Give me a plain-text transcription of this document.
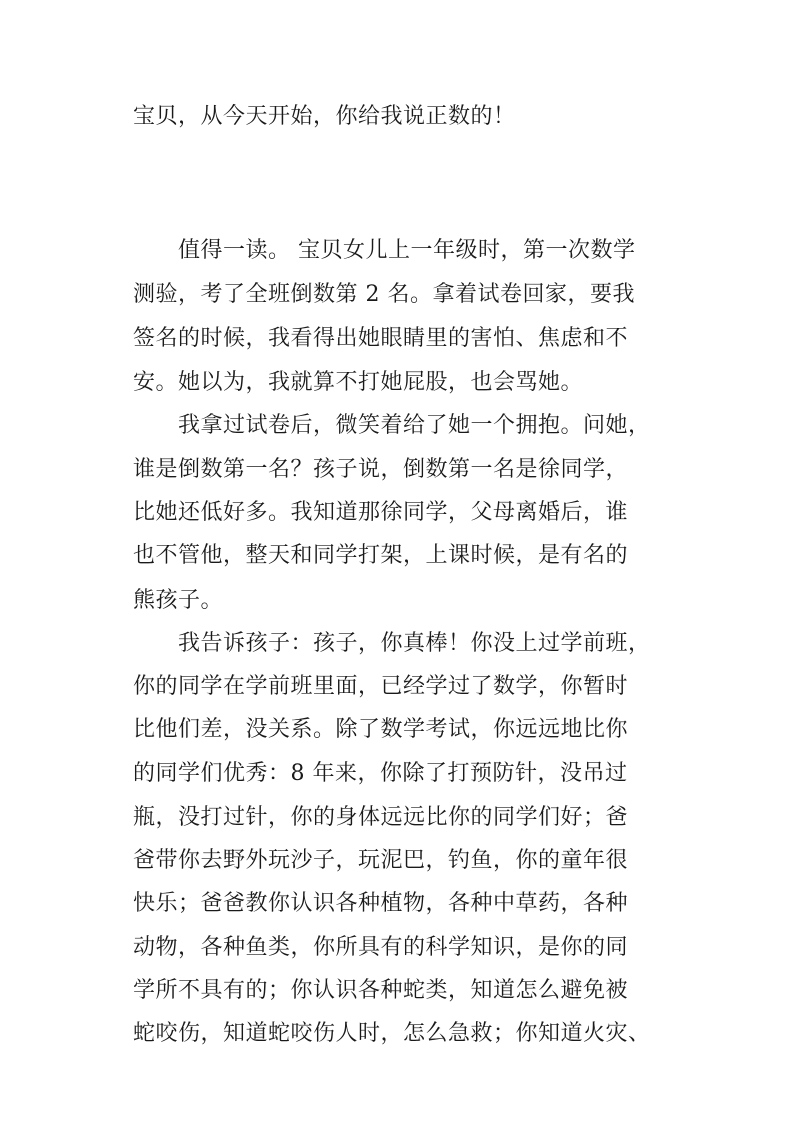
宝贝，从今天开始，你给我说正数的！
值得一读。 宝贝女儿上一年级时，第一次数学
测验，考了全班倒数第 2 名。拿着试卷回家，要我
签名的时候，我看得出她眼睛里的害怕、焦虑和不
安。她以为，我就算不打她屁股，也会骂她。
我拿过试卷后，微笑着给了她一个拥抱。问她，
谁是倒数第一名？孩子说，倒数第一名是徐同学，
比她还低好多。我知道那徐同学，父母离婚后，谁
也不管他，整天和同学打架，上课时候，是有名的
熊孩子。
我告诉孩子：孩子，你真棒！你没上过学前班，
你的同学在学前班里面，已经学过了数学，你暂时
比他们差，没关系。除了数学考试，你远远地比你
的同学们优秀：8 年来，你除了打预防针，没吊过
瓶，没打过针，你的身体远远比你的同学们好；爸
爸带你去野外玩沙子，玩泥巴，钓鱼，你的童年很
快乐；爸爸教你认识各种植物，各种中草药，各种
动物，各种鱼类，你所具有的科学知识，是你的同
学所不具有的；你认识各种蛇类，知道怎么避免被
蛇咬伤，知道蛇咬伤人时，怎么急救；你知道火灾、
